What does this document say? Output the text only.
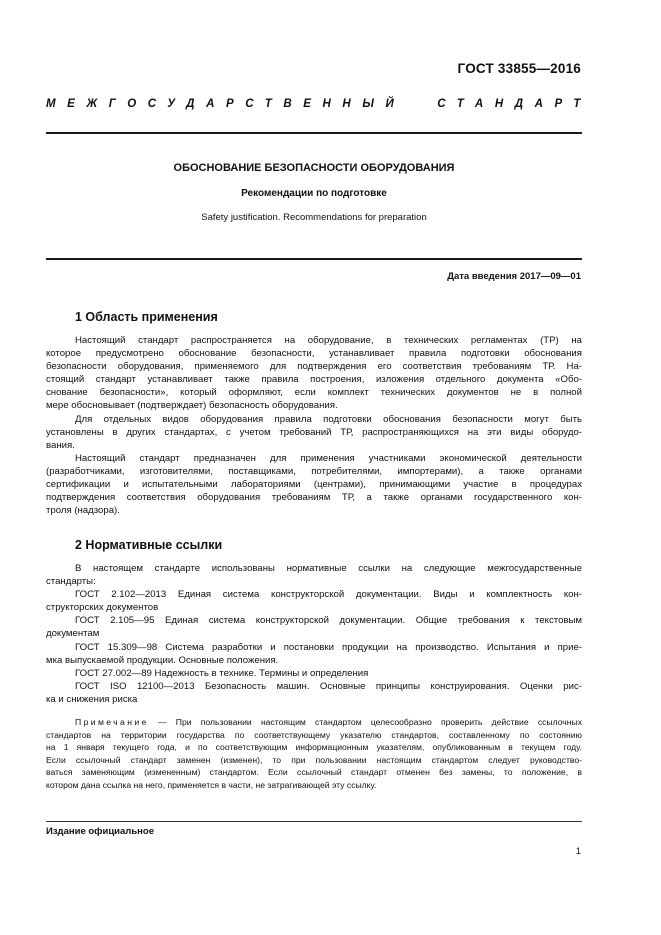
ГОСТ 33855—2016
МЕЖГОСУДАРСТВЕННЫЙ	СТАНДАРТ
ОБОСНОВАНИЕ БЕЗОПАСНОСТИ ОБОРУДОВАНИЯ
Рекомендации по подготовке
Safety justification. Recommendations for preparation
Дата введения 2017—09—01
1 Область применения
Настоящий стандарт распространяется на оборудование, в технических регламентах (ТР) на
которое предусмотрено обоснование безопасности, устанавливает правила подготовки обоснования
безопасности оборудования, применяемого для подтверждения его соответствия требованиям ТР. На-
стоящий стандарт устанавливает также правила построения, изложения отдельного документа «Обо-
снование безопасности», который оформляют, если комплект технических документов не в полной
мере обосновывает (подтверждает) безопасность оборудования.
Для отдельных видов оборудования правила подготовки обоснования безопасности могут быть
установлены в других стандартах, с учетом требований ТР, распространяющихся на эти виды оборудо-
вания.
Настоящий стандарт предназначен для применения участниками экономической деятельности
(разработчиками, изготовителями, поставщиками, потребителями, импортерами), а также органами
сертификации и испытательными лабораториями (центрами), принимающими участие в процедурах
подтверждения соответствия оборудования требованиям ТР, а также органами государственного кон-
троля (надзора).
2 Нормативные ссылки
В настоящем стандарте использованы нормативные ссылки на следующие межгосударственные
стандарты:
ГОСТ 2.102—2013 Единая система конструкторской документации. Виды и комплектность кон-
структорских документов
ГОСТ 2.105—95 Единая система конструкторской документации. Общие требования к текстовым
документам
ГОСТ 15.309—98 Система разработки и постановки продукции на производство. Испытания и прие-
мка выпускаемой продукции. Основные положения.
ГОСТ 27.002—89 Надежность в технике. Термины и определения
ГОСТ ISO 12100—2013 Безопасность машин. Основные принципы конструирования. Оценки рис-
ка и снижения риска
Примечание — При пользовании настоящим стандартом целесообразно проверить действие ссылочных
стандартов на территории государства по соответствующему указателю стандартов, составленному по состоянию
на 1 января текущего года, и по соответствующим информационным указателям, опубликованным в текущем году.
Если ссылочный стандарт заменен (изменен), то при пользовании настоящим стандартом следует руководство-
ваться заменяющим (измененным) стандартом. Если ссылочный стандарт отменен без замены, то положение, в
котором дана ссылка на него, применяется в части, не затрагивающей эту ссылку.
Издание официальное
1
